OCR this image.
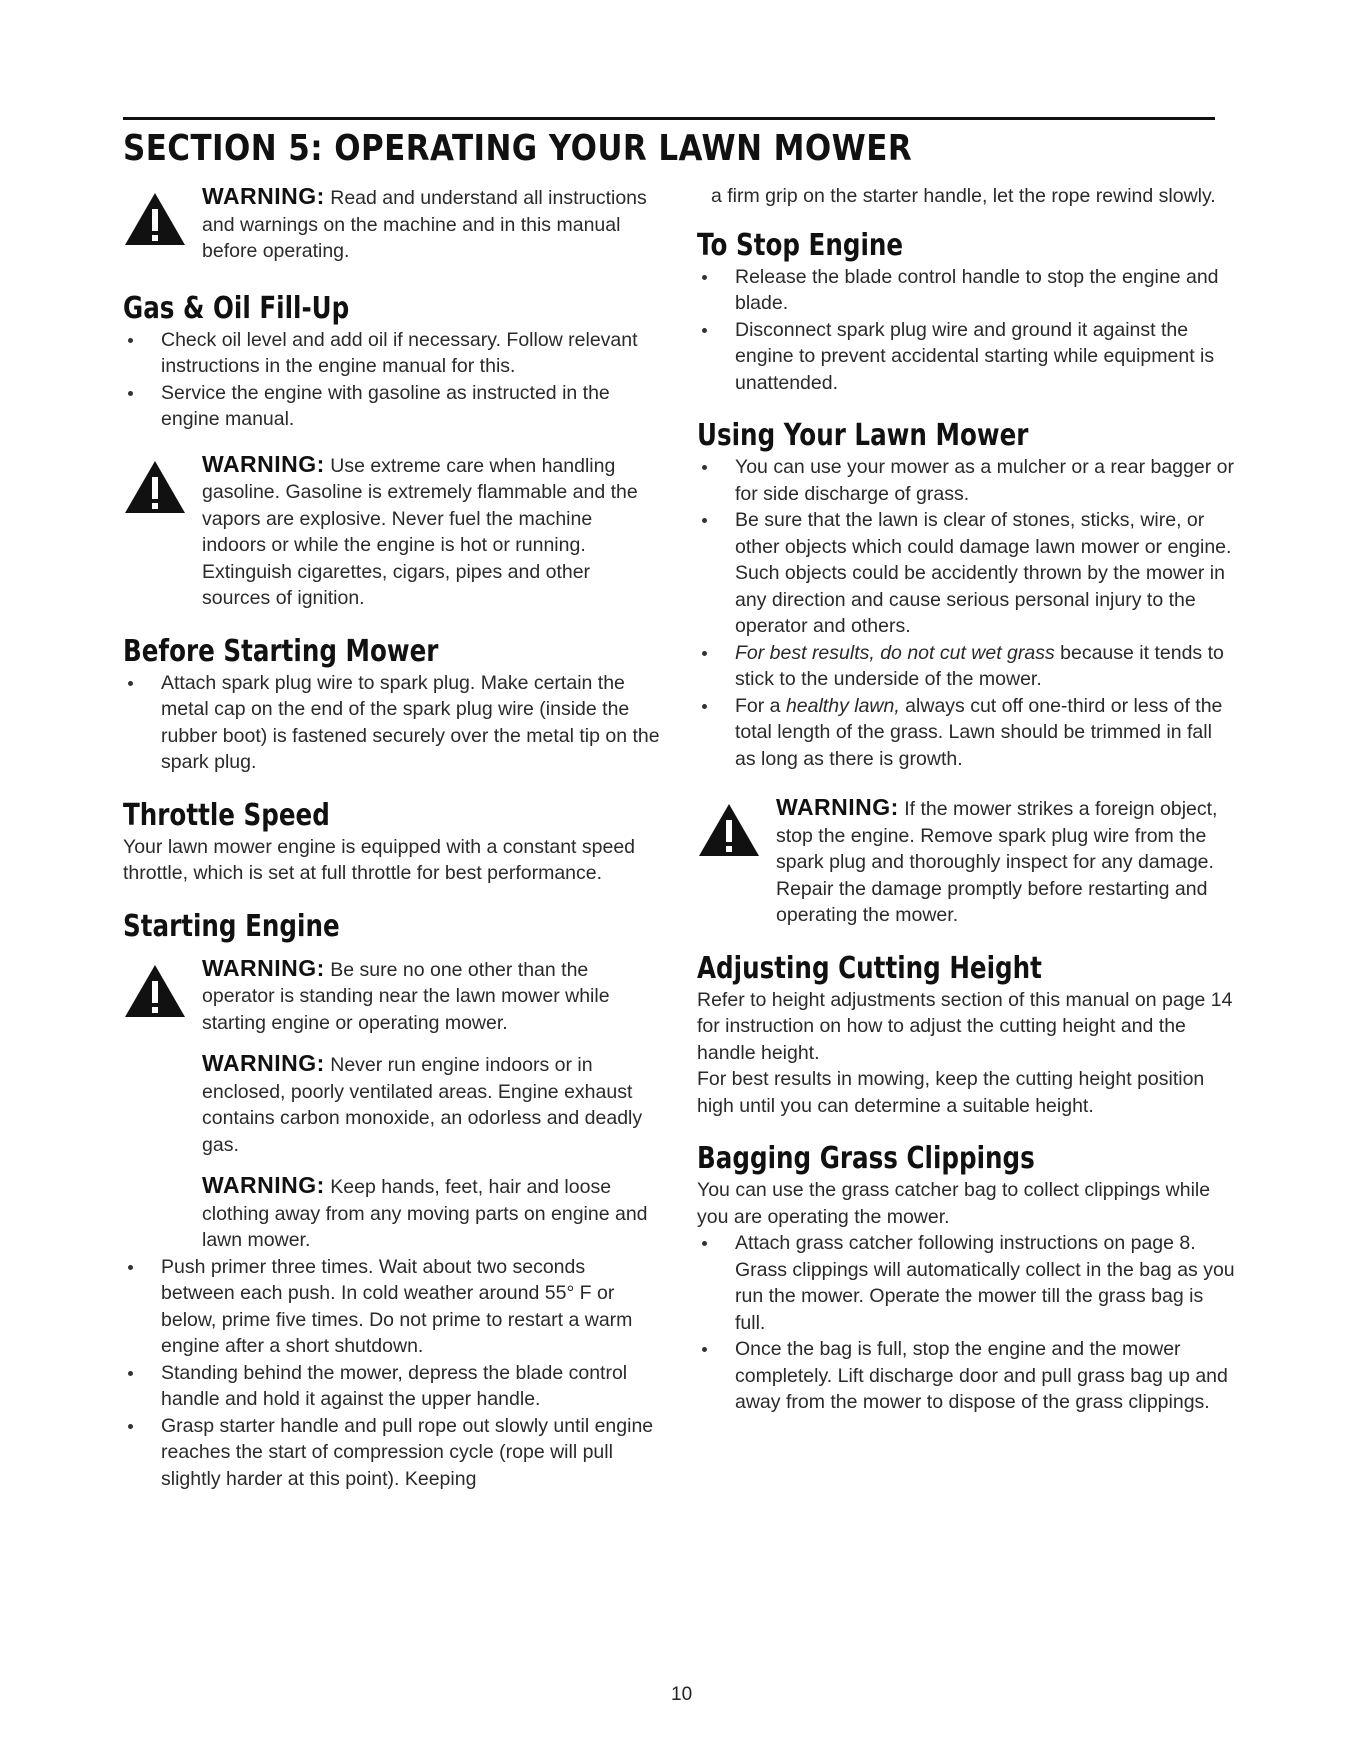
SECTION 5: OPERATING YOUR LAWN MOWER

WARNING: Read and understand all instructions and warnings on the machine and in this manual before operating.

Gas & Oil Fill-Up
Check oil level and add oil if necessary. Follow relevant instructions in the engine manual for this.
Service the engine with gasoline as instructed in the engine manual.

WARNING: Use extreme care when handling gasoline. Gasoline is extremely flammable and the vapors are explosive. Never fuel the machine indoors or while the engine is hot or running. Extinguish cigarettes, cigars, pipes and other sources of ignition.

Before Starting Mower
Attach spark plug wire to spark plug. Make certain the metal cap on the end of the spark plug wire (inside the rubber boot) is fastened securely over the metal tip on the spark plug.
Throttle Speed

Your lawn mower engine is equipped with a constant speed throttle, which is set at full throttle for best performance.

Starting Engine

WARNING: Be sure no one other than the operator is standing near the lawn mower while starting engine or operating mower.

WARNING: Never run engine indoors or in enclosed, poorly ventilated areas. Engine exhaust contains carbon monoxide, an odorless and deadly gas.

WARNING: Keep hands, feet, hair and loose clothing away from any moving parts on engine and lawn mower.

Push primer three times. Wait about two seconds between each push. In cold weather around 55° F or below, prime five times. Do not prime to restart a warm engine after a short shutdown.
Standing behind the mower, depress the blade control handle and hold it against the upper handle.
Grasp starter handle and pull rope out slowly until engine reaches the start of compression cycle (rope will pull slightly harder at this point). Keeping

a firm grip on the starter handle, let the rope rewind slowly.

To Stop Engine
Release the blade control handle to stop the engine and blade.
Disconnect spark plug wire and ground it against the engine to prevent accidental starting while equipment is unattended.
Using Your Lawn Mower
You can use your mower as a mulcher or a rear bagger or for side discharge of grass.
Be sure that the lawn is clear of stones, sticks, wire, or other objects which could damage lawn mower or engine. Such objects could be accidently thrown by the mower in any direction and cause serious personal injury to the operator and others.
For best results, do not cut wet grass because it tends to stick to the underside of the mower.
For a healthy lawn, always cut off one-third or less of the total length of the grass. Lawn should be trimmed in fall as long as there is growth.

WARNING: If the mower strikes a foreign object, stop the engine. Remove spark plug wire from the spark plug and thoroughly inspect for any damage. Repair the damage promptly before restarting and operating the mower.

Adjusting Cutting Height

Refer to height adjustments section of this manual on page 14 for instruction on how to adjust the cutting height and the handle height.

For best results in mowing, keep the cutting height position high until you can determine a suitable height.

Bagging Grass Clippings

You can use the grass catcher bag to collect clippings while you are operating the mower.

Attach grass catcher following instructions on page 8. Grass clippings will automatically collect in the bag as you run the mower. Operate the mower till the grass bag is full.
Once the bag is full, stop the engine and the mower completely. Lift discharge door and pull grass bag up and away from the mower to dispose of the grass clippings.
10
